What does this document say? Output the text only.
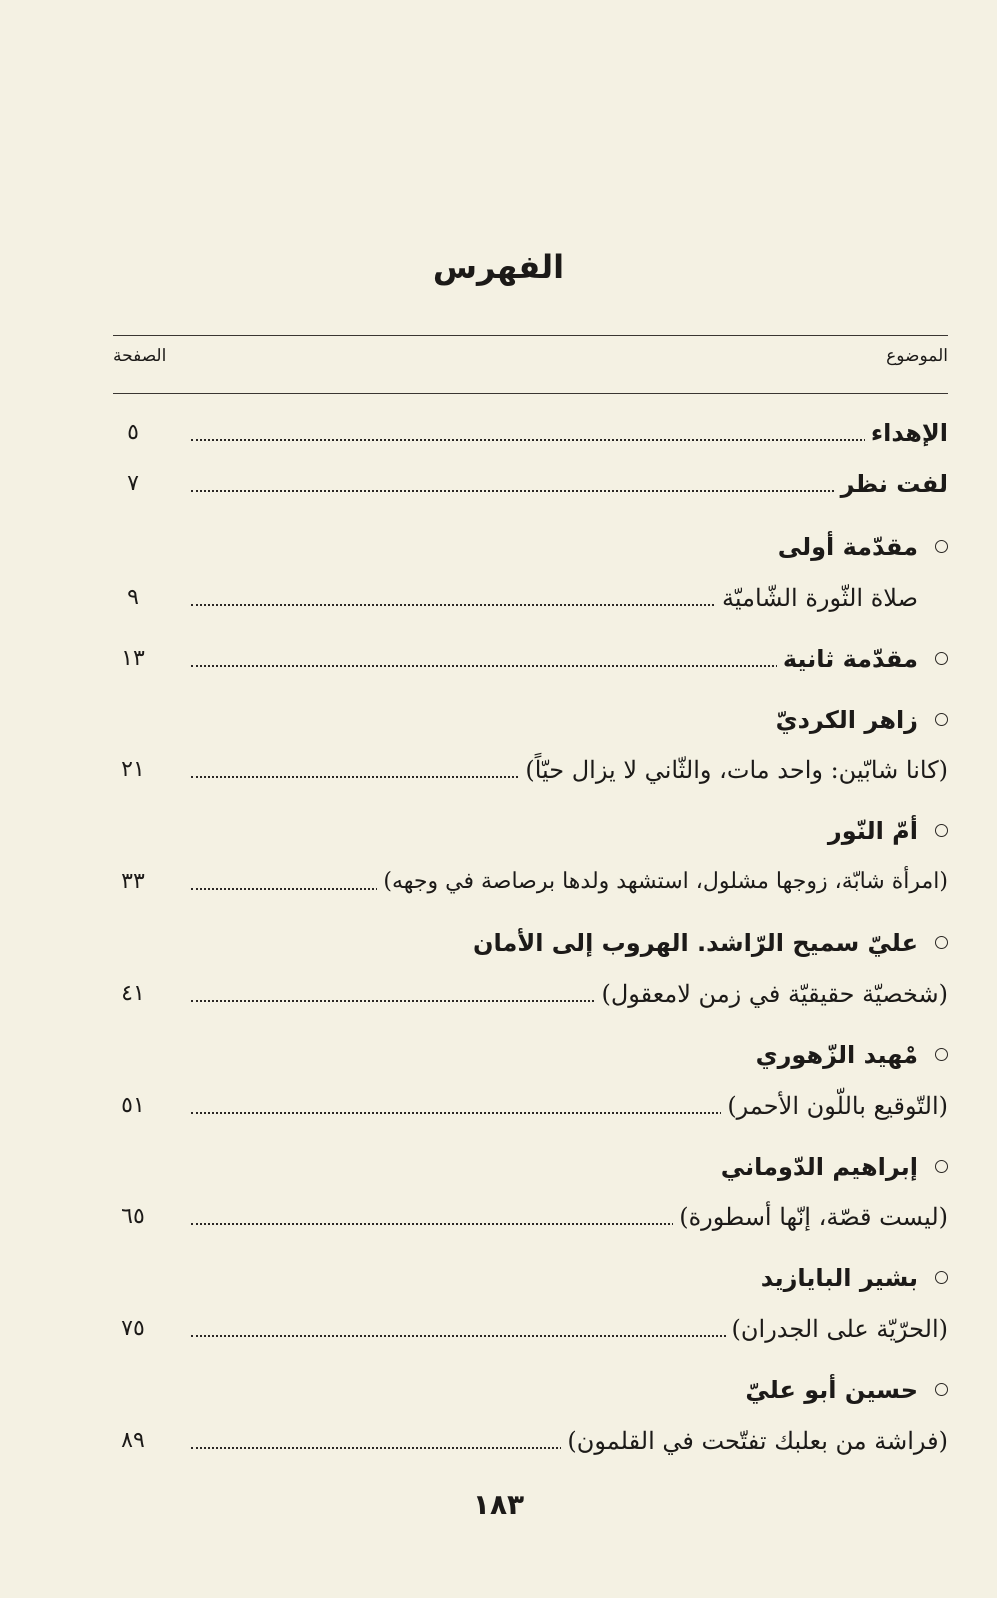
الفهرس
الموضوع
الصفحة
الإهداء
٥
لفت نظر
٧
مقدّمة أولى
صلاة الثّورة الشّاميّة
٩
مقدّمة ثانية
١٣
زاهر الكرديّ
(كانا شابّين: واحد مات، والثّاني لا يزال حيّاً)
٢١
أمّ النّور
(امرأة شابّة، زوجها مشلول، استشهد ولدها برصاصة في وجهه)
٣٣
عليّ سميح الرّاشد. الهروب إلى الأمان
(شخصيّة حقيقيّة في زمن لامعقول)
٤١
مْهيد الزّهوري
(التّوقيع باللّون الأحمر)
٥١
إبراهيم الدّوماني
(ليست قصّة، إنّها أسطورة)
٦٥
بشير البايازيد
(الحرّيّة على الجدران)
٧٥
حسين أبو عليّ
(فراشة من بعلبك تفتّحت في القلمون)
٨٩
١٨٣
